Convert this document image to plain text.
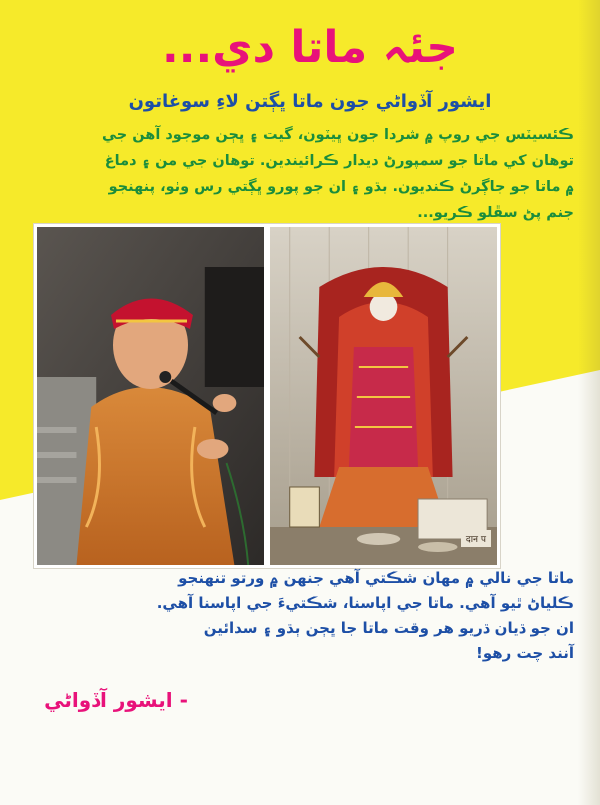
جئہ ماتا دي...
ايشور آڏواڻي جون ماتا ڀڳتن لاءِ سوغاتون

ڪئسيٽس جي روپ ۾ شردا جون ڀيٽون، گيت ۽ ڀڄن موجود آهن جي

توهان کي ماتا جو سمپورڻ ديدار ڪرائيندين. توهان جي من ۽ دماغ

۾ ماتا جو جاڳرڻ ڪنديون. بڌو ۽ ان جو پورو ڀڳتي رس وٺو، پنهنجو

جنم پڻ سڦلو ڪريو...

दान प

ماتا جي نالي ۾ مهان شڪتي آهي جنهن ۾ ورتو تنهنجو

ڪلياڻ ٿيو آهي. ماتا جي اپاسنا، شڪتيءَ جي اپاسنا آهي.

ان جو ڌيان ڌريو هر وقت ماتا جا ڀڄن ٻڌو ۽ سدائين

آنند چت رهو!

- ايشور آڏواڻي
